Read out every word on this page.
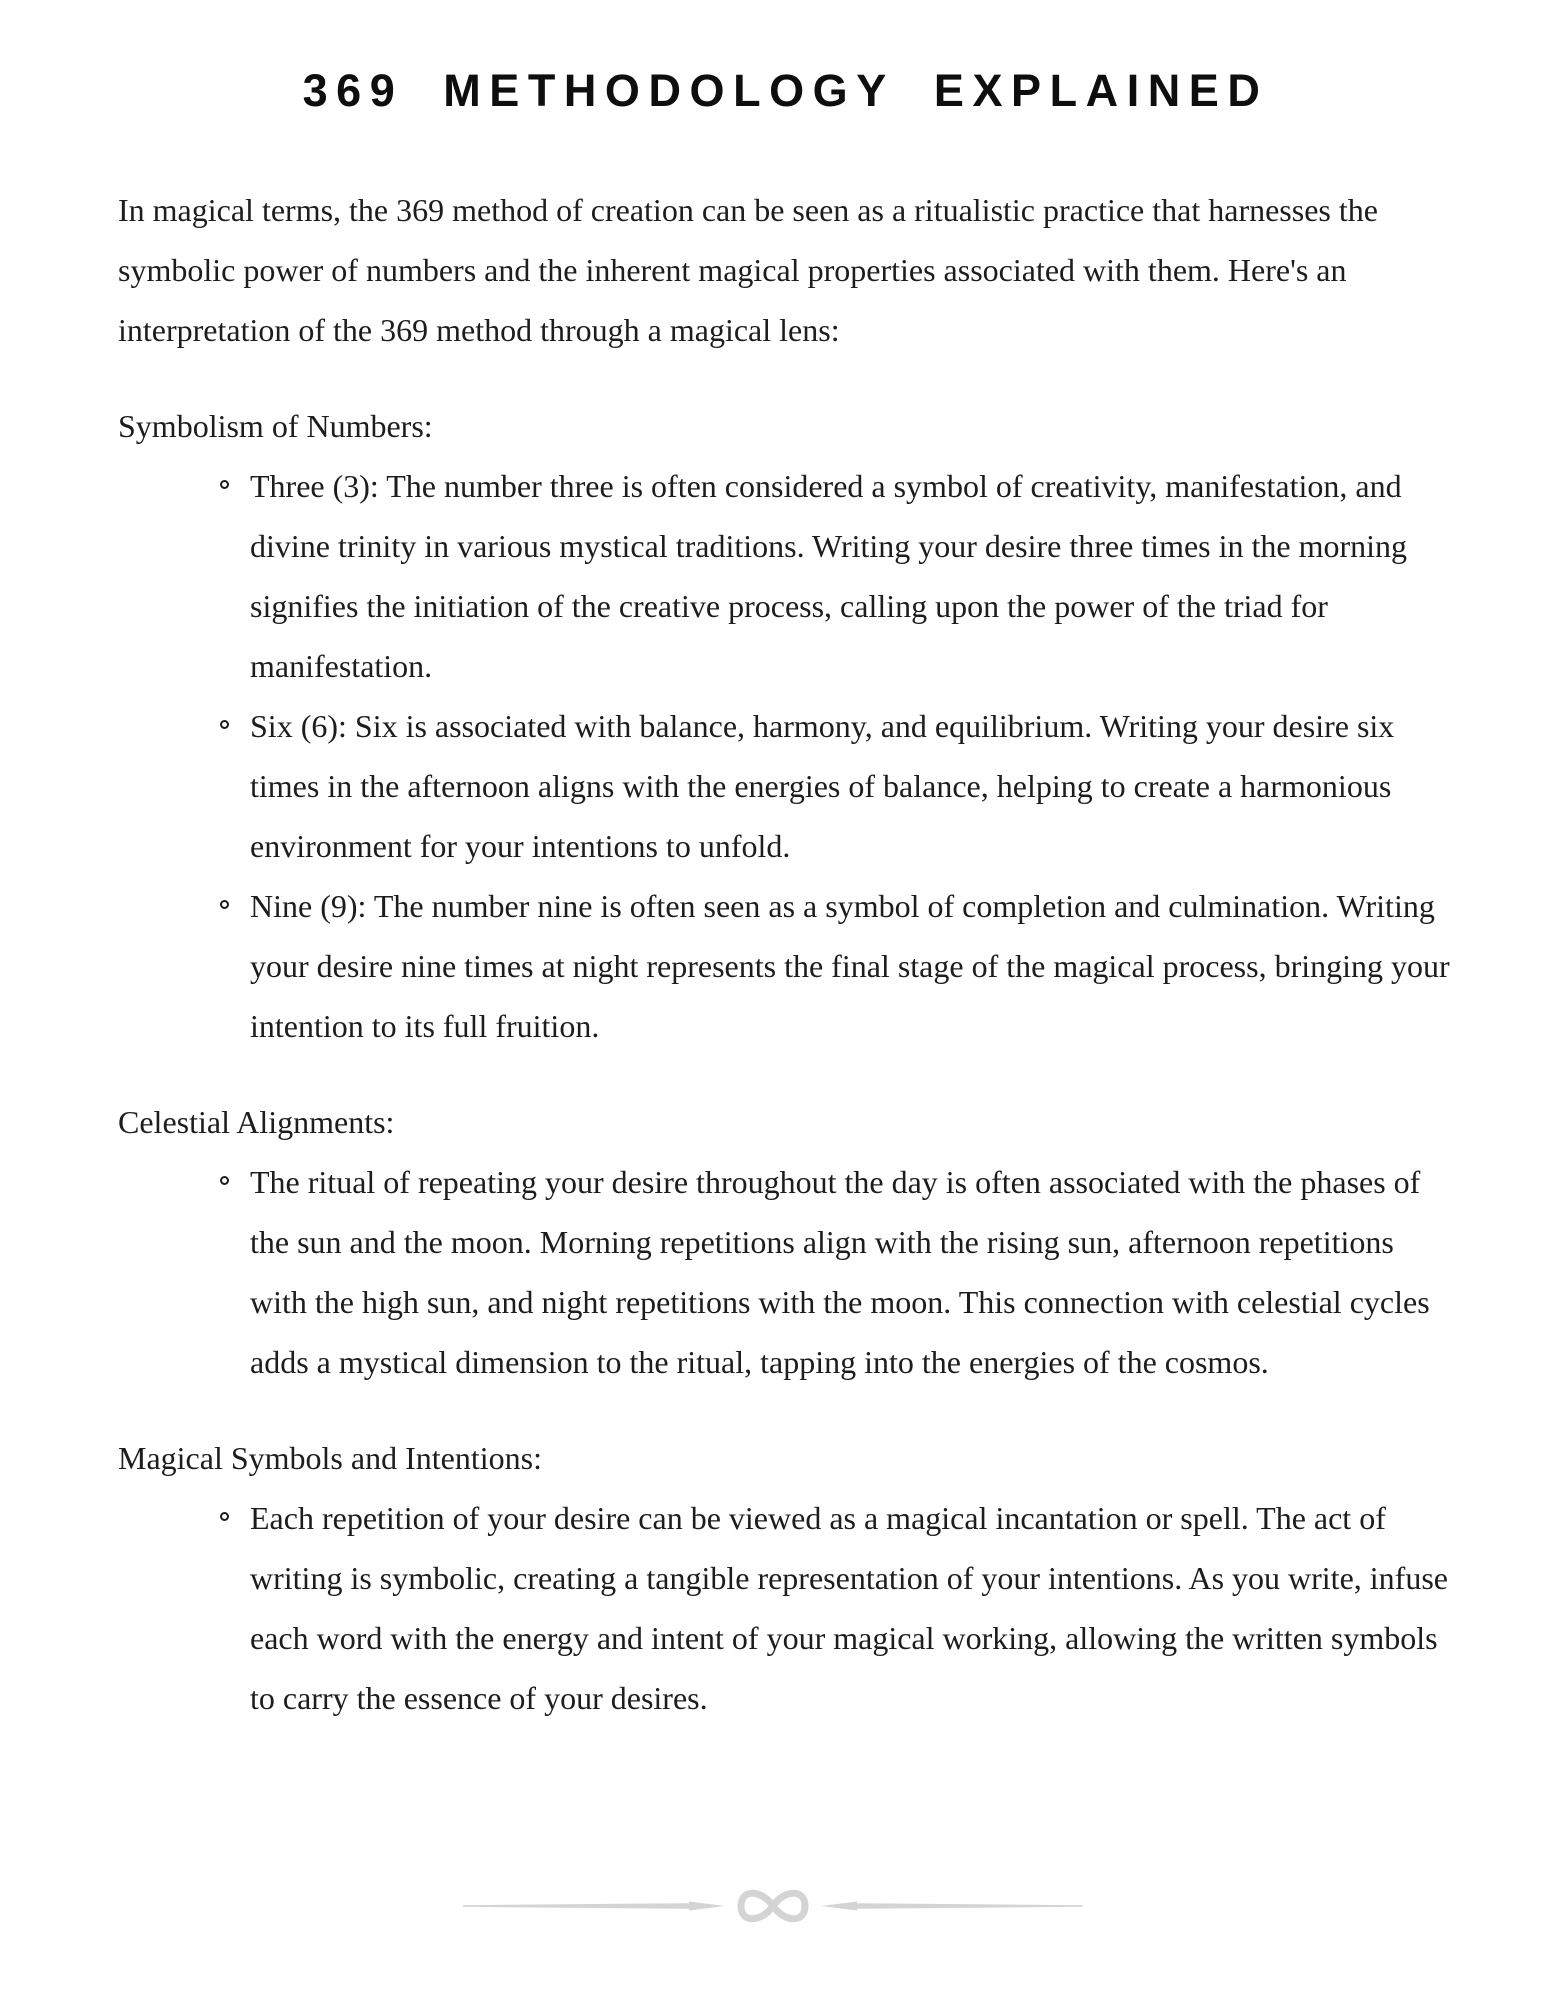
369 METHODOLOGY EXPLAINED

In magical terms, the 369 method of creation can be seen as a ritualistic practice that harnesses the symbolic power of numbers and the inherent magical properties associated with them. Here's an interpretation of the 369 method through a magical lens:

Symbolism of Numbers:
Three (3): The number three is often considered a symbol of creativity, manifestation, and divine trinity in various mystical traditions. Writing your desire three times in the morning signifies the initiation of the creative process, calling upon the power of the triad for manifestation.
Six (6): Six is associated with balance, harmony, and equilibrium. Writing your desire six times in the afternoon aligns with the energies of balance, helping to create a harmonious environment for your intentions to unfold.
Nine (9): The number nine is often seen as a symbol of completion and culmination. Writing your desire nine times at night represents the final stage of the magical process, bringing your intention to its full fruition.
Celestial Alignments:
The ritual of repeating your desire throughout the day is often associated with the phases of the sun and the moon. Morning repetitions align with the rising sun, afternoon repetitions with the high sun, and night repetitions with the moon. This connection with celestial cycles adds a mystical dimension to the ritual, tapping into the energies of the cosmos.
Magical Symbols and Intentions:
Each repetition of your desire can be viewed as a magical incantation or spell. The act of writing is symbolic, creating a tangible representation of your intentions. As you write, infuse each word with the energy and intent of your magical working, allowing the written symbols to carry the essence of your desires.
